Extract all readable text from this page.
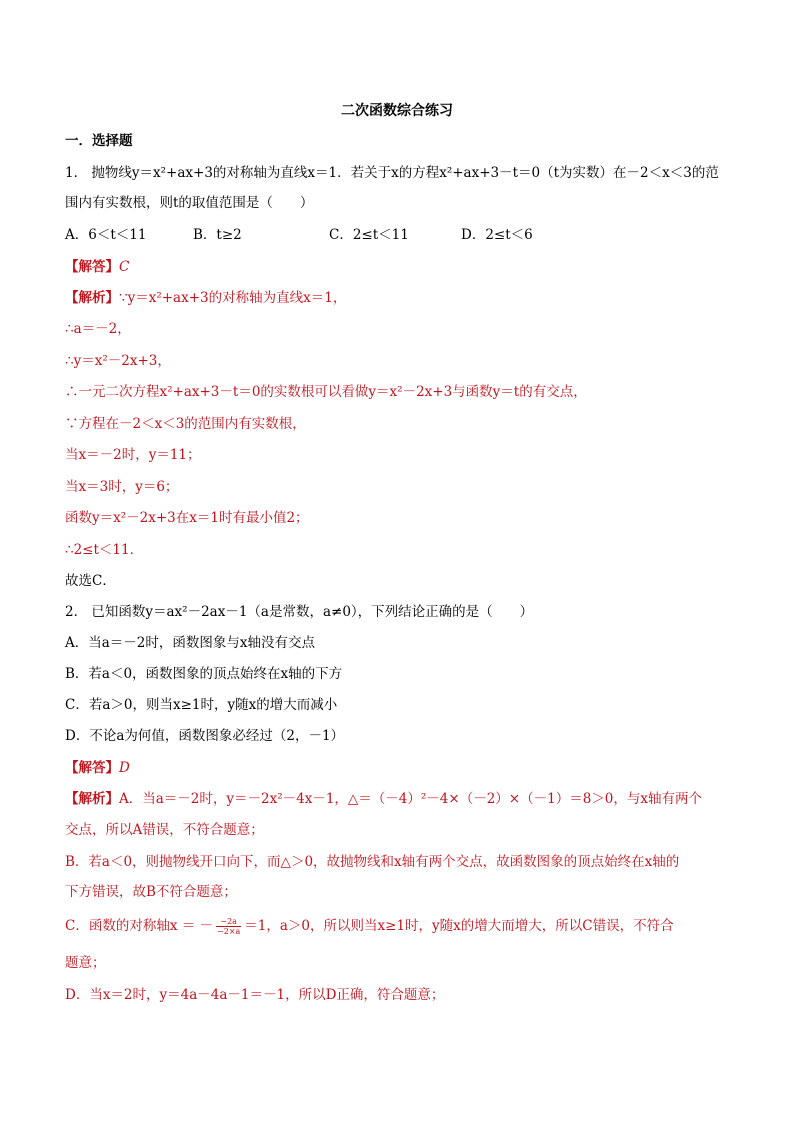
二次函数综合练习
一．选择题
1． 抛物线y＝x²+ax+3的对称轴为直线x＝1．若关于x的方程x²+ax+3－t＝0（t为实数）在－2＜x＜3的范
围内有实数根，则t的取值范围是（　　）
A．6＜t＜11	B．t≥2	C．2≤t＜11	D．2≤t＜6
【解答】C
【解析】∵y＝x²+ax+3的对称轴为直线x＝1，
∴a＝－2，
∴y＝x²－2x+3，
∴一元二次方程x²+ax+3－t＝0的实数根可以看做y＝x²－2x+3与函数y＝t的有交点，
∵方程在－2＜x＜3的范围内有实数根，
当x＝－2时，y＝11；
当x＝3时，y＝6；
函数y＝x²－2x+3在x＝1时有最小值2；
∴2≤t＜11．
故选C．
2． 已知函数y＝ax²－2ax－1（a是常数，a≠0），下列结论正确的是（　　）
A．当a＝－2时，函数图象与x轴没有交点
B．若a＜0，函数图象的顶点始终在x轴的下方
C．若a＞0，则当x≥1时，y随x的增大而减小
D．不论a为何值，函数图象必经过（2，－1）
【解答】D
【解析】A．当a＝－2时，y＝－2x²－4x－1，△＝（－4）²－4×（－2）×（－1）＝8＞0，与x轴有两个
交点，所以A错误，不符合题意；
B．若a＜0，则抛物线开口向下，而△＞0，故抛物线和x轴有两个交点，故函数图象的顶点始终在x轴的
下方错误，故B不符合题意；
C．函数的对称轴x ＝ － $\frac{-2a}{-2\times a} =1$，a＞0，所以则当x≥1时，y随x的增大而增大，所以C错误，不符合
题意；
D．当x＝2时，y＝4a－4a－1＝－1，所以D正确，符合题意；
